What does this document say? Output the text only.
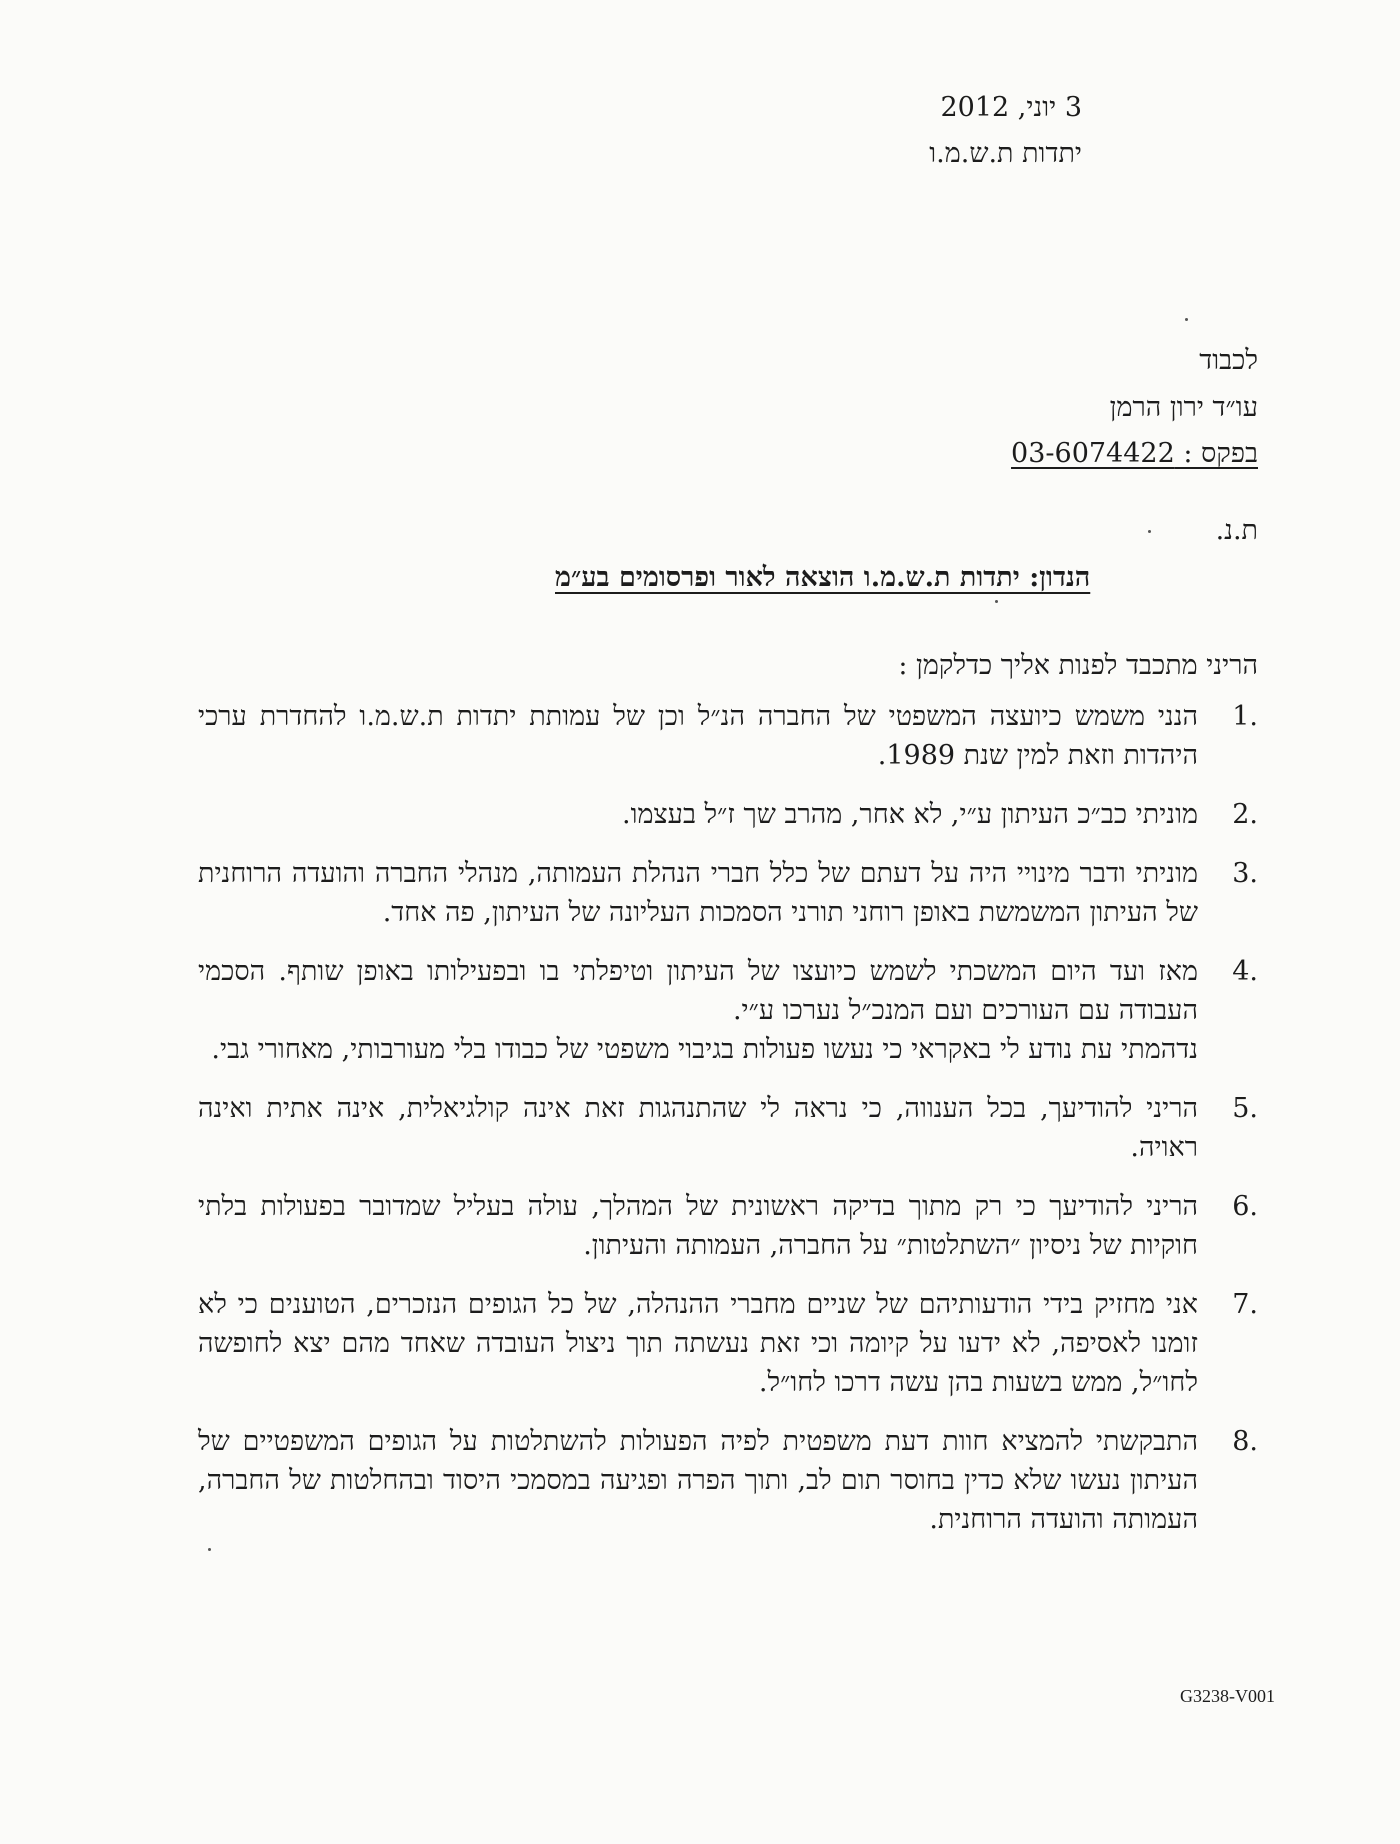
3 יוני, 2012
יתדות ת.ש.מ.ו
לכבוד
עו״ד ירון הרמן
בפקס : 03-6074422
ת.נ.
הנדון: יתדות ת.ש.מ.ו הוצאה לאור ופרסומים בע״מ
הריני מתכבד לפנות אליך כדלקמן :
.1

הנני משמש כיועצה המשפטי של החברה הנ״ל וכן של עמותת יתדות ת.ש.מ.ו להחדרת ערכי היהדות וזאת למין שנת 1989.

.2

מוניתי כב״כ העיתון ע״י, לא אחר, מהרב שך ז״ל בעצמו.

.3

מוניתי ודבר מינויי היה על דעתם של כלל חברי הנהלת העמותה, מנהלי החברה והועדה הרוחנית של העיתון המשמשת באופן רוחני תורני הסמכות העליונה של העיתון, פה אחד.

.4

מאז ועד היום המשכתי לשמש כיועצו של העיתון וטיפלתי בו ובפעילותו באופן שותף. הסכמי העבודה עם העורכים ועם המנכ״ל נערכו ע״י.

נדהמתי עת נודע לי באקראי כי נעשו פעולות בגיבוי משפטי של כבודו בלי מעורבותי, מאחורי גבי.

.5

הריני להודיעך, בכל הענווה, כי נראה לי שהתנהגות זאת אינה קולגיאלית, אינה אתית ואינה ראויה.

.6

הריני להודיעך כי רק מתוך בדיקה ראשונית של המהלך, עולה בעליל שמדובר בפעולות בלתי חוקיות של ניסיון ״השתלטות״ על החברה, העמותה והעיתון.

.7

אני מחזיק בידי הודעותיהם של שניים מחברי ההנהלה, של כל הגופים הנזכרים, הטוענים כי לא זומנו לאסיפה, לא ידעו על קיומה וכי זאת נעשתה תוך ניצול העובדה שאחד מהם יצא לחופשה לחו״ל, ממש בשעות בהן עשה דרכו לחו״ל.

.8

התבקשתי להמציא חוות דעת משפטית לפיה הפעולות להשתלטות על הגופים המשפטיים של העיתון נעשו שלא כדין בחוסר תום לב, ותוך הפרה ופגיעה במסמכי היסוד ובהחלטות של החברה, העמותה והועדה הרוחנית.

G3238-V001
